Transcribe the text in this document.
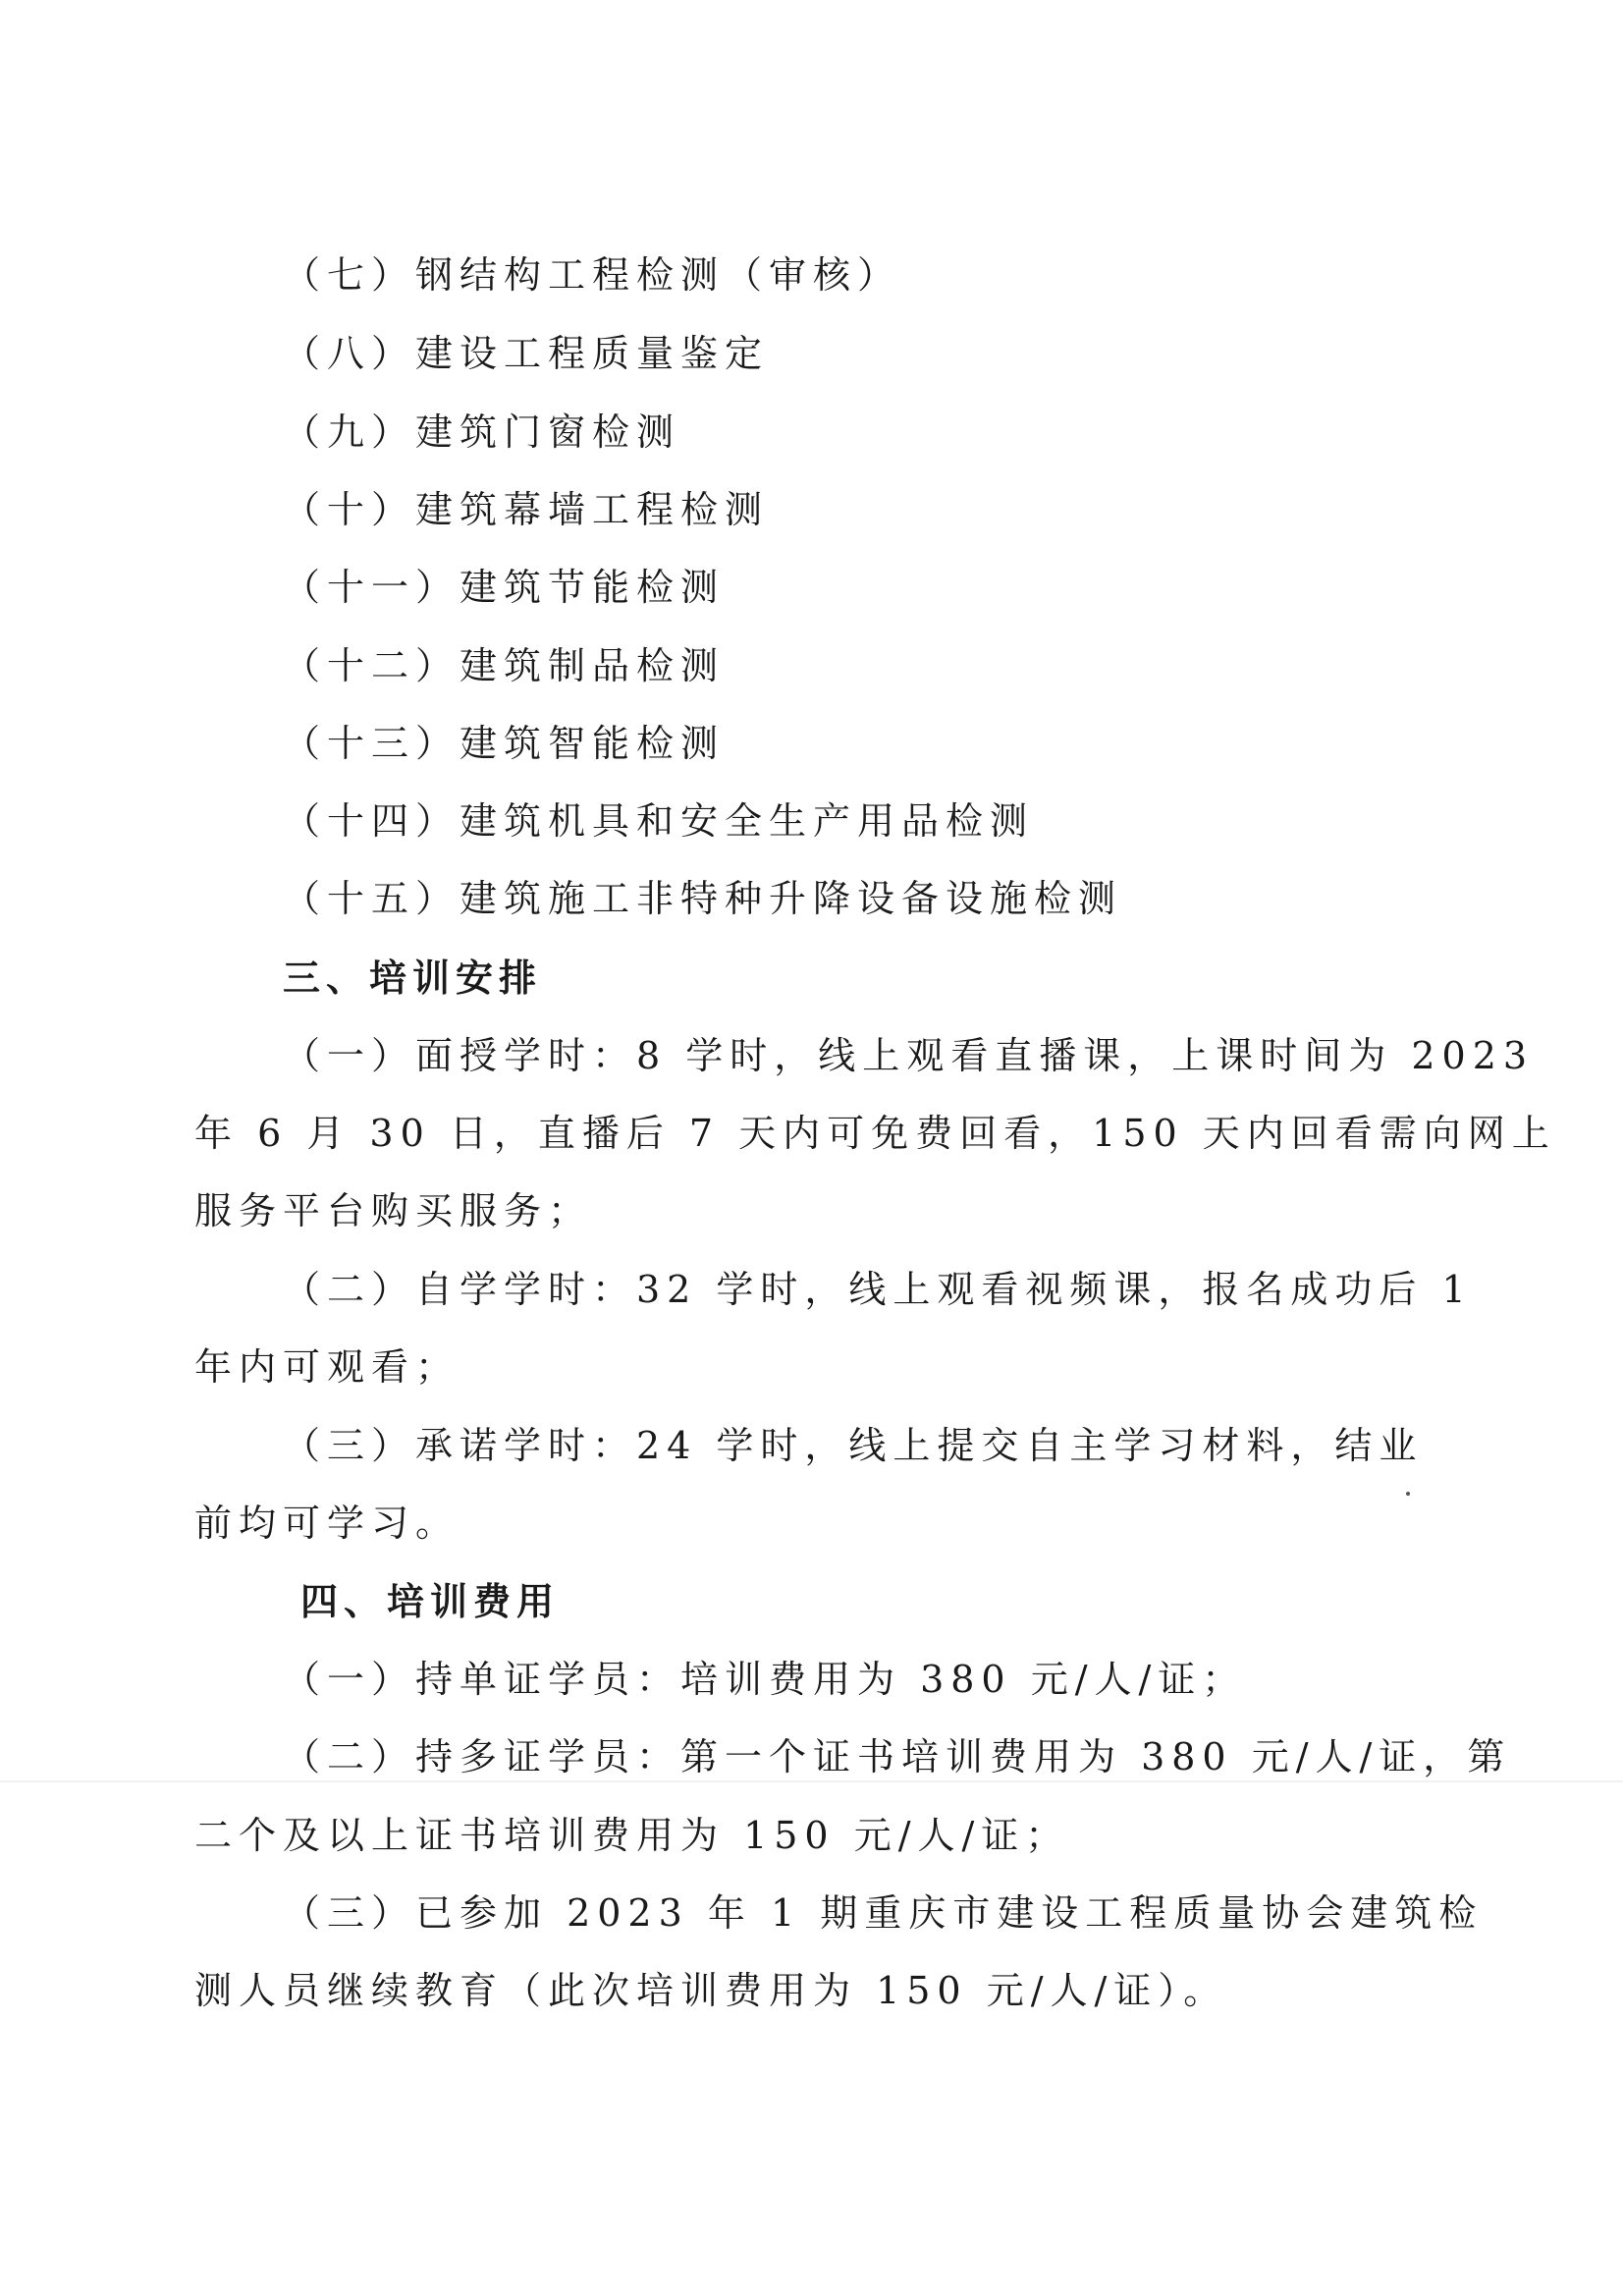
（七）钢结构工程检测（审核）
（八）建设工程质量鉴定
（九）建筑门窗检测
（十）建筑幕墙工程检测
（十一）建筑节能检测
（十二）建筑制品检测
（十三）建筑智能检测
（十四）建筑机具和安全生产用品检测
（十五）建筑施工非特种升降设备设施检测
三、培训安排
（一）面授学时：8 学时，线上观看直播课，上课时间为 2023
年 6 月 30 日，直播后 7 天内可免费回看，150 天内回看需向网上
服务平台购买服务；
（二）自学学时：32 学时，线上观看视频课，报名成功后 1
年内可观看；
（三）承诺学时：24 学时，线上提交自主学习材料，结业
前均可学习。
四、培训费用
（一）持单证学员：培训费用为 380 元/人/证；
（二）持多证学员：第一个证书培训费用为 380 元/人/证，第
二个及以上证书培训费用为 150 元/人/证；
（三）已参加 2023 年 1 期重庆市建设工程质量协会建筑检
测人员继续教育（此次培训费用为 150 元/人/证）。
